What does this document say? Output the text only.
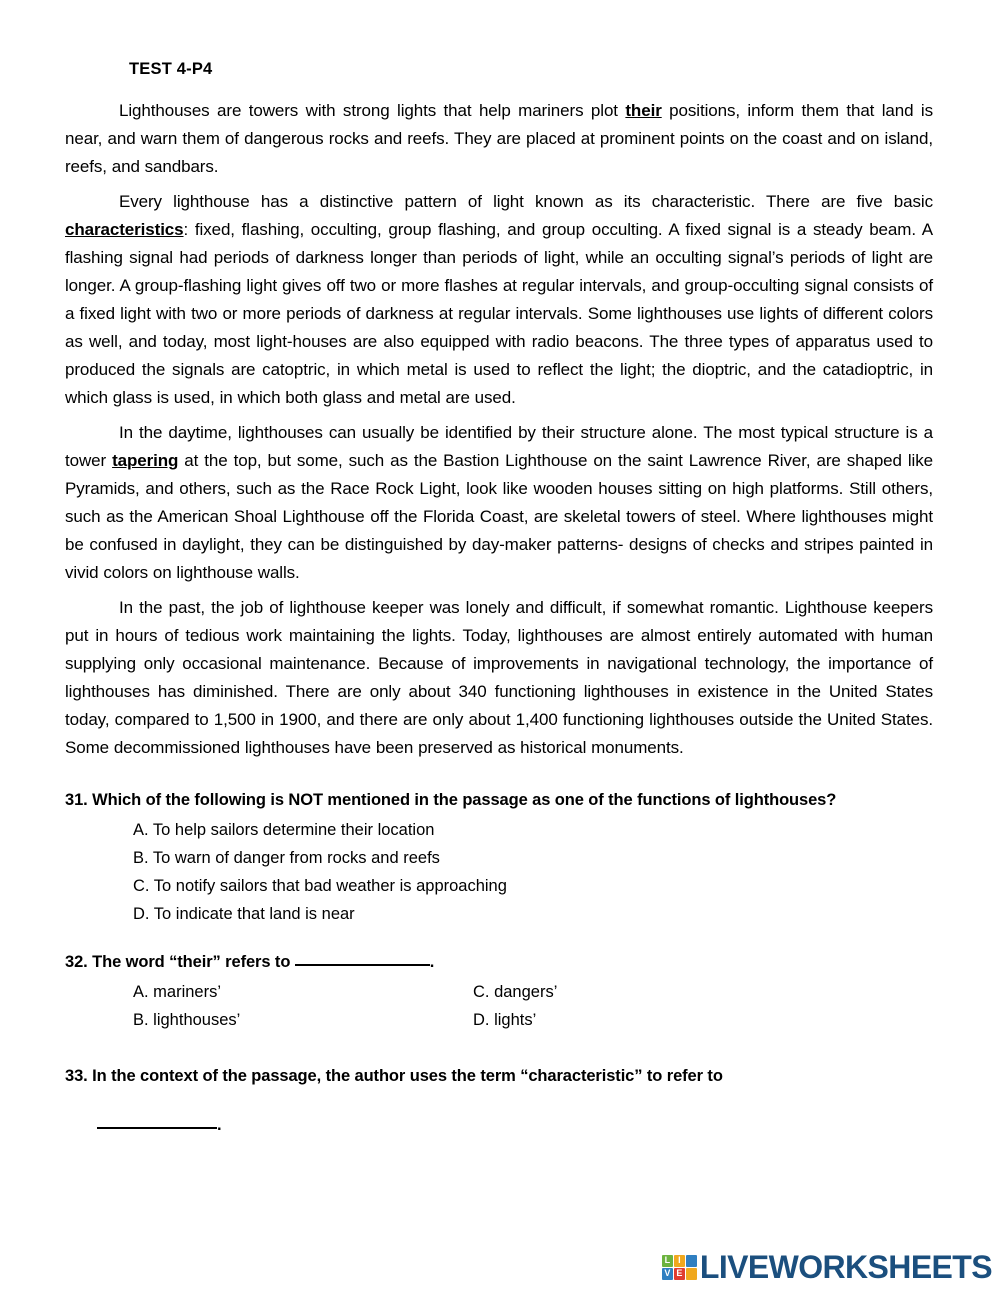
TEST 4-P4

Lighthouses are towers with strong lights that help mariners plot their positions, inform them that land is near, and warn them of dangerous rocks and reefs. They are placed at prominent points on the coast and on island, reefs, and sandbars.

Every lighthouse has a distinctive pattern of light known as its characteristic. There are five basic characteristics: fixed, flashing, occulting, group flashing, and group occulting. A fixed signal is a steady beam. A flashing signal had periods of darkness longer than periods of light, while an occulting signal’s periods of light are longer. A group-flashing light gives off two or more flashes at regular intervals, and group-occulting signal consists of a fixed light with two or more periods of darkness at regular intervals. Some lighthouses use lights of different colors as well, and today, most light-houses are also equipped with radio beacons. The three types of apparatus used to produced the signals are catoptric, in which metal is used to reflect the light; the dioptric, and the catadioptric, in which glass is used, in which both glass and metal are used.

In the daytime, lighthouses can usually be identified by their structure alone. The most typical structure is a tower tapering at the top, but some, such as the Bastion Lighthouse on the saint Lawrence River, are shaped like Pyramids, and others, such as the Race Rock Light, look like wooden houses sitting on high platforms. Still others, such as the American Shoal Lighthouse off the Florida Coast, are skeletal towers of steel. Where lighthouses might be confused in daylight, they can be distinguished by day-maker patterns- designs of checks and stripes painted in vivid colors on lighthouse walls.

In the past, the job of lighthouse keeper was lonely and difficult, if somewhat romantic. Lighthouse keepers put in hours of tedious work maintaining the lights. Today, lighthouses are almost entirely automated with human supplying only occasional maintenance. Because of improvements in navigational technology, the importance of lighthouses has diminished. There are only about 340 functioning lighthouses in existence in the United States today, compared to 1,500 in 1900, and there are only about 1,400 functioning lighthouses outside the United States. Some decommissioned lighthouses have been preserved as historical monuments.

31. Which of the following is NOT mentioned in the passage as one of the functions of lighthouses?
A. To help sailors determine their location
B. To warn of danger from rocks and reefs
C. To notify sailors that bad weather is approaching
D. To indicate that land is near
32. The word “their” refers to	.
A. mariners’	C. dangers’
B. lighthouses’	D. lights’
33. In the context of the passage, the author uses the term “characteristic” to refer to
.
L I
V E LIVEWORKSHEETS
